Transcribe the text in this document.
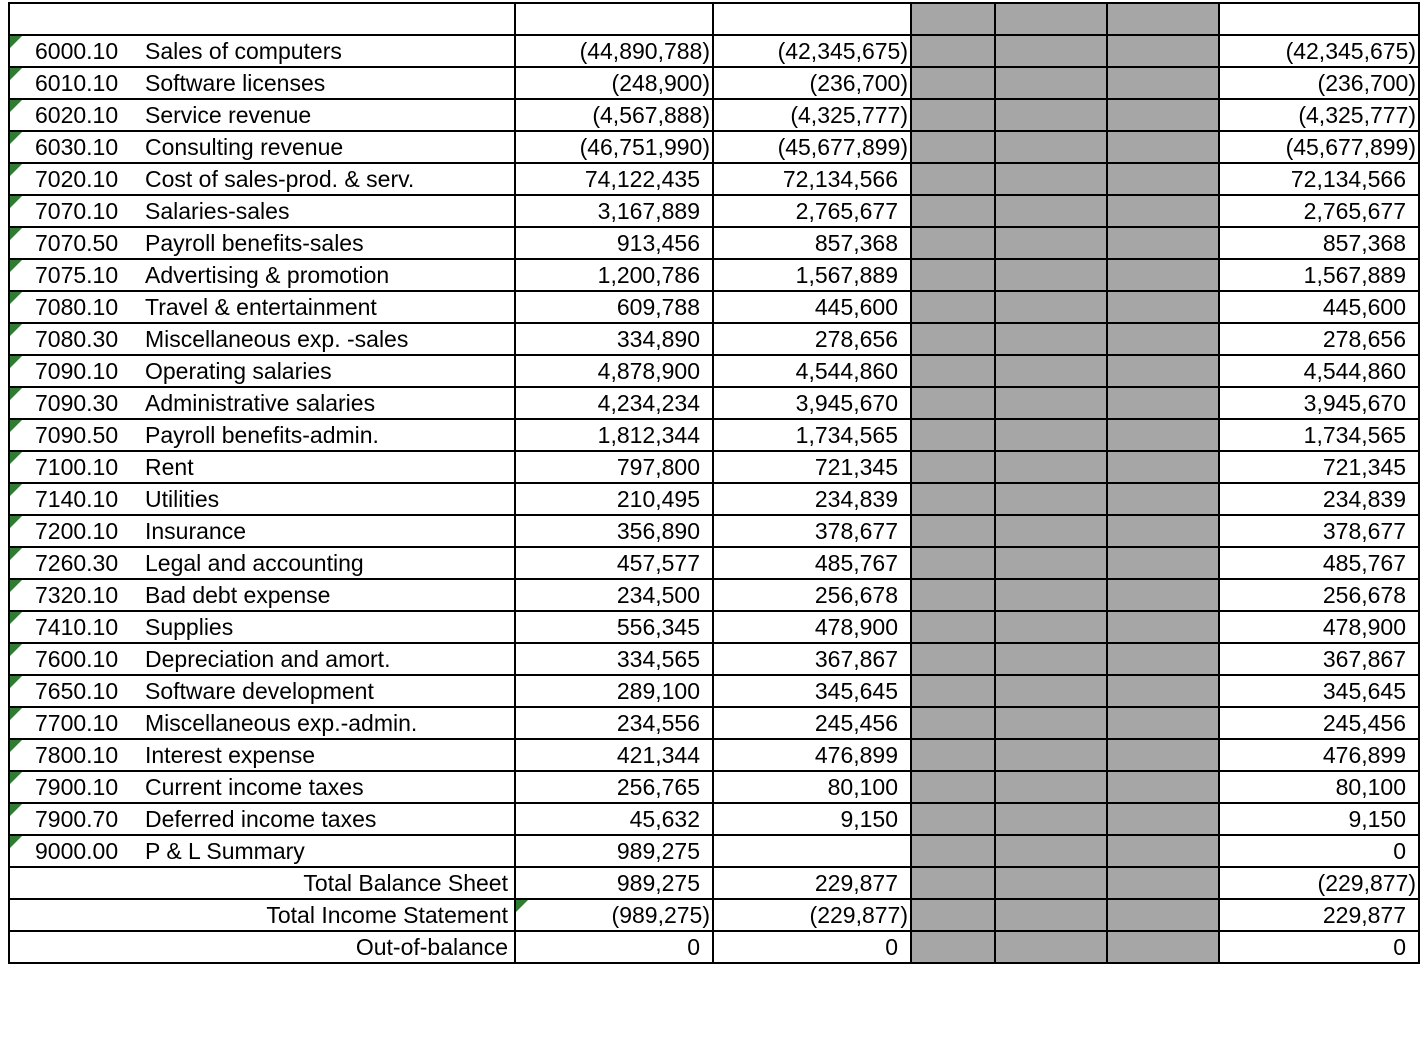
6000.10	Sales of computers	(44,890,788)	(42,345,675)				(42,345,675)

6010.10	Software licenses	(248,900)	(236,700)				(236,700)

6020.10	Service revenue	(4,567,888)	(4,325,777)				(4,325,777)

6030.10	Consulting revenue	(46,751,990)	(45,677,899)				(45,677,899)

7020.10	Cost of sales-prod. & serv.	74,122,435	72,134,566				72,134,566

7070.10	Salaries-sales	3,167,889	2,765,677				2,765,677

7070.50	Payroll benefits-sales	913,456	857,368				857,368

7075.10	Advertising & promotion	1,200,786	1,567,889				1,567,889

7080.10	Travel & entertainment	609,788	445,600				445,600

7080.30	Miscellaneous exp. -sales	334,890	278,656				278,656

7090.10	Operating salaries	4,878,900	4,544,860				4,544,860

7090.30	Administrative salaries	4,234,234	3,945,670				3,945,670

7090.50	Payroll benefits-admin.	1,812,344	1,734,565				1,734,565

7100.10	Rent	797,800	721,345				721,345

7140.10	Utilities	210,495	234,839				234,839

7200.10	Insurance	356,890	378,677				378,677

7260.30	Legal and accounting	457,577	485,767				485,767

7320.10	Bad debt expense	234,500	256,678				256,678

7410.10	Supplies	556,345	478,900				478,900

7600.10	Depreciation and amort.	334,565	367,867				367,867

7650.10	Software development	289,100	345,645				345,645

7700.10	Miscellaneous exp.-admin.	234,556	245,456				245,456

7800.10	Interest expense	421,344	476,899				476,899

7900.10	Current income taxes	256,765	80,100				80,100

7900.70	Deferred income taxes	45,632	9,150				9,150

9000.00	P & L Summary	989,275					0
Total Balance Sheet		989,275	229,877				(229,877)
Total Income Statement		(989,275)	(229,877)				229,877
Out-of-balance		0	0				0
